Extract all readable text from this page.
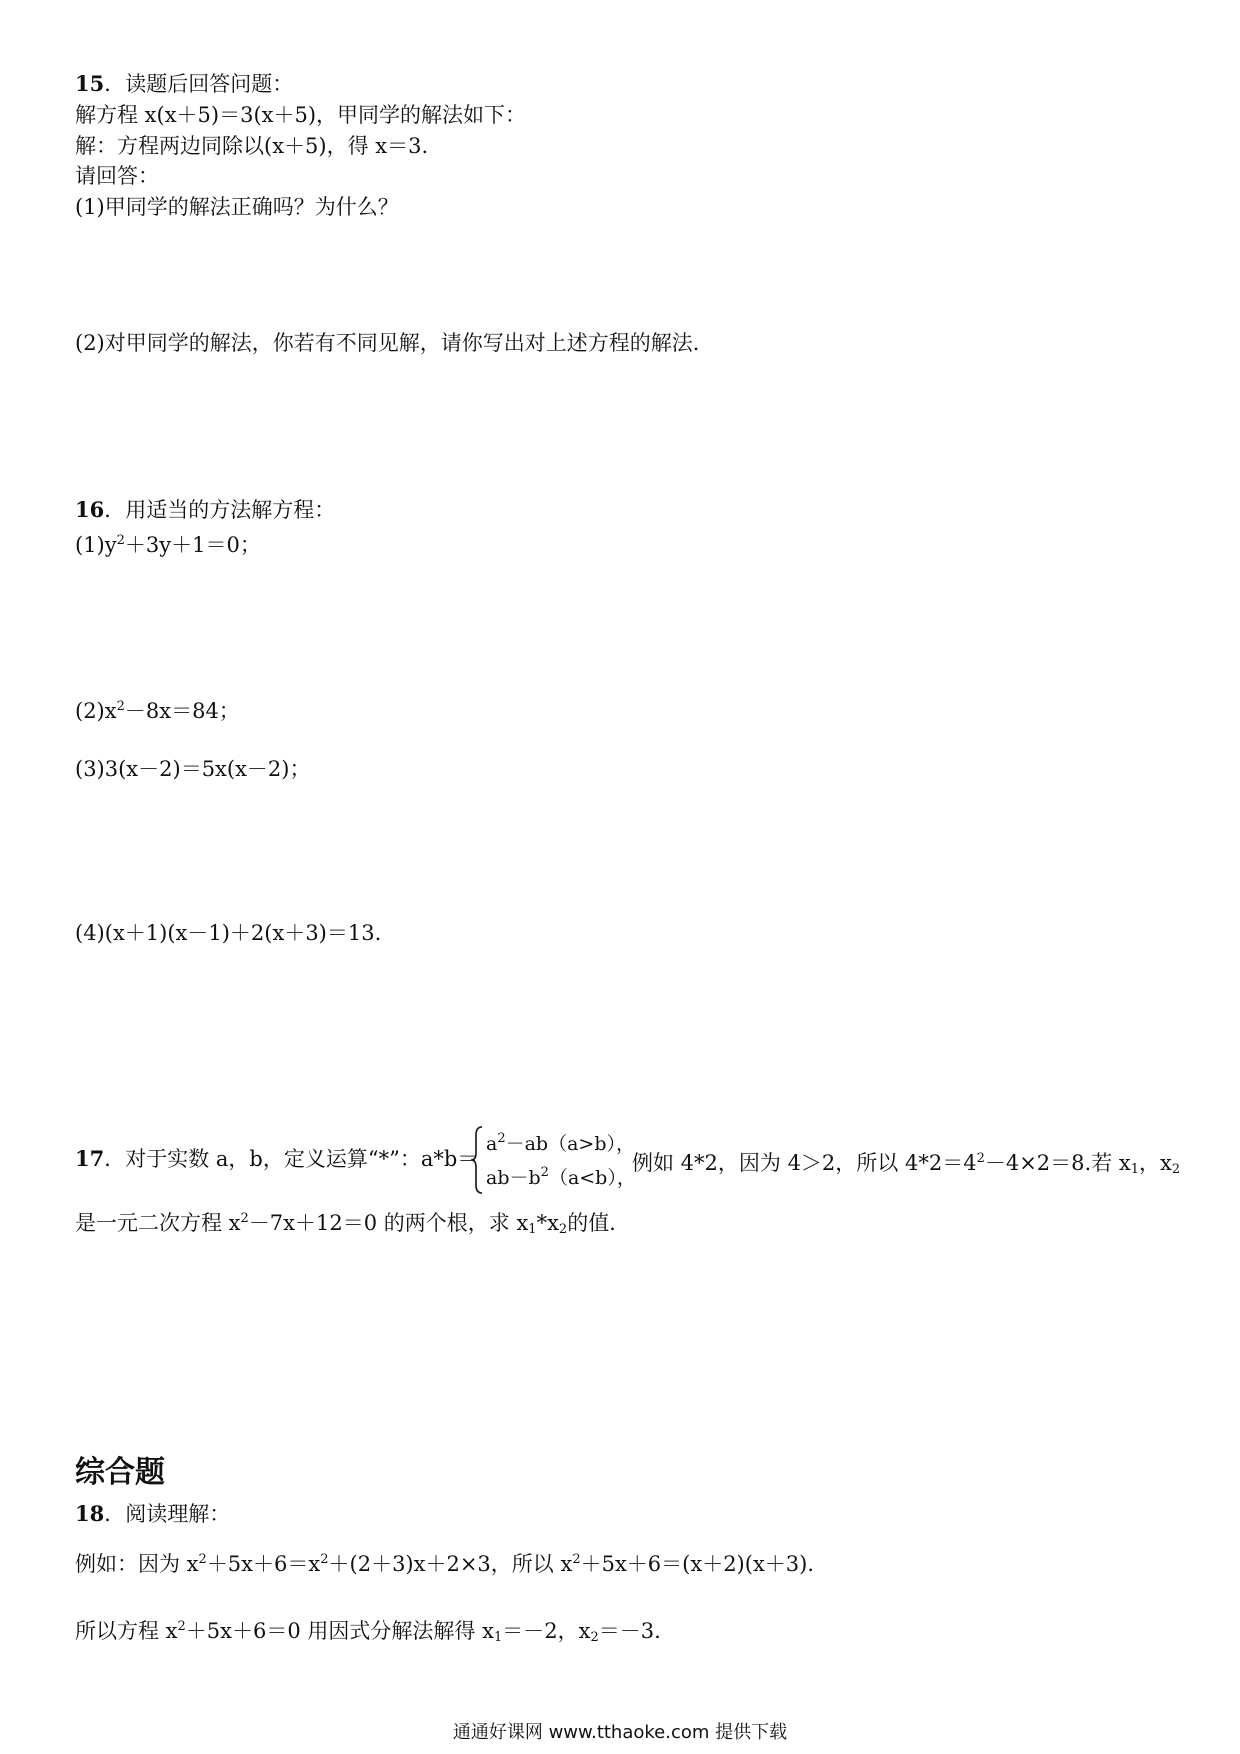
15．读题后回答问题：
解方程 x(x＋5)＝3(x＋5)，甲同学的解法如下：
解：方程两边同除以(x＋5)，得 x＝3.
请回答：
(1)甲同学的解法正确吗？为什么？
(2)对甲同学的解法，你若有不同见解，请你写出对上述方程的解法．
16．用适当的方法解方程：
$(1)y^2+3y+1=0$；
$(2)x^2-8x=84$；
(3)3(x－2)＝5x(x－2)；
(4)(x＋1)(x－1)＋2(x＋3)＝13.
17．对于实数 a，b，定义运算“*”：a*b＝
$a^2-ab(a>b)$，
$ab-b^2(a<b)$，
例如 4*2，因为 4＞2，所以 $4*2=4^2-4\times 2=8$.若 $x_1$，$x_2$
是一元二次方程 $x^2-7x+12=0$ 的两个根，求 $x_1*x_2$的值．
综合题
18．阅读理解：
例如：因为 $x^2+5x+6=x^2+(2+3)x+2\times 3$，所以 $x^2+5x+6=(x+2)(x+3)$．
所以方程 $x^2+5x+6=0$ 用因式分解法解得 $x_1=-2$，$x_2=-3$.
通通好课网 www.tthaoke.com 提供下载
